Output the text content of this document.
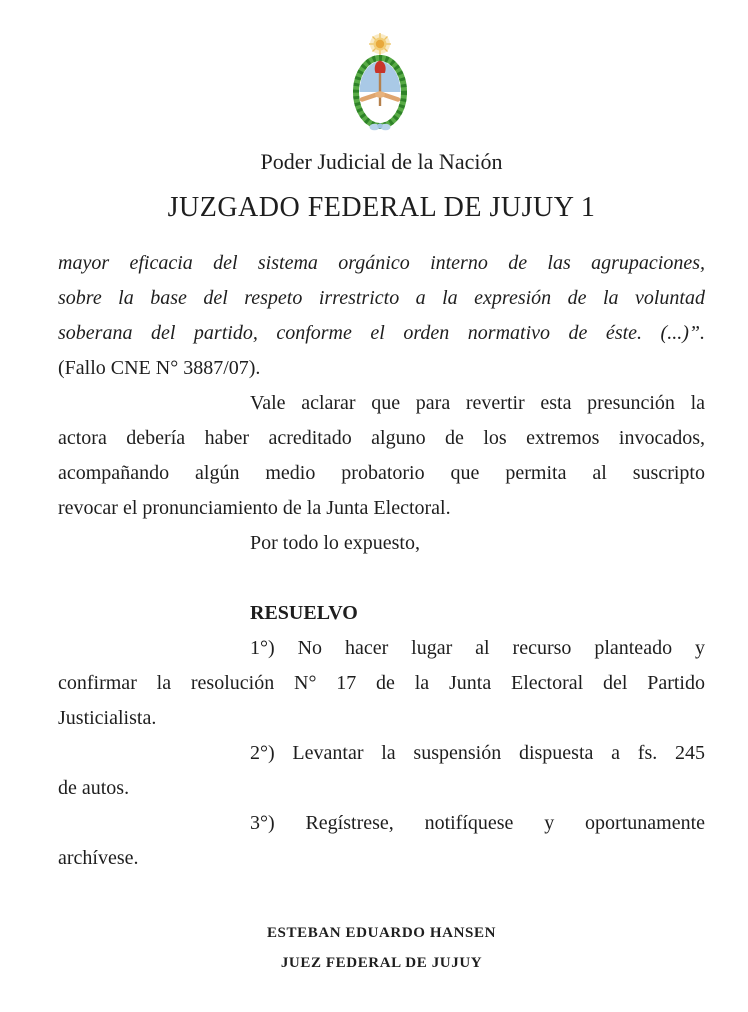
Poder Judicial de la Nación
JUZGADO FEDERAL DE JUJUY 1
mayor eficacia del sistema orgánico interno de las agrupaciones,
sobre la base del respeto irrestricto a la expresión de la voluntad
soberana del partido, conforme el orden normativo de éste. (...)”.
(Fallo CNE N° 3887/07).
Vale aclarar que para revertir esta presunción la
actora debería haber acreditado alguno de los extremos invocados,
acompañando algún medio probatorio que permita al suscripto
revocar el pronunciamiento de la Junta Electoral.
Por todo lo expuesto,
RESUELVO
1°) No hacer lugar al recurso planteado y
confirmar la resolución N° 17 de la Junta Electoral del Partido
Justicialista.
2°) Levantar la suspensión dispuesta a fs. 245
de autos.
3°) Regístrese, notifíquese y oportunamente
archívese.
ESTEBAN EDUARDO HANSEN
JUEZ FEDERAL DE JUJUY
